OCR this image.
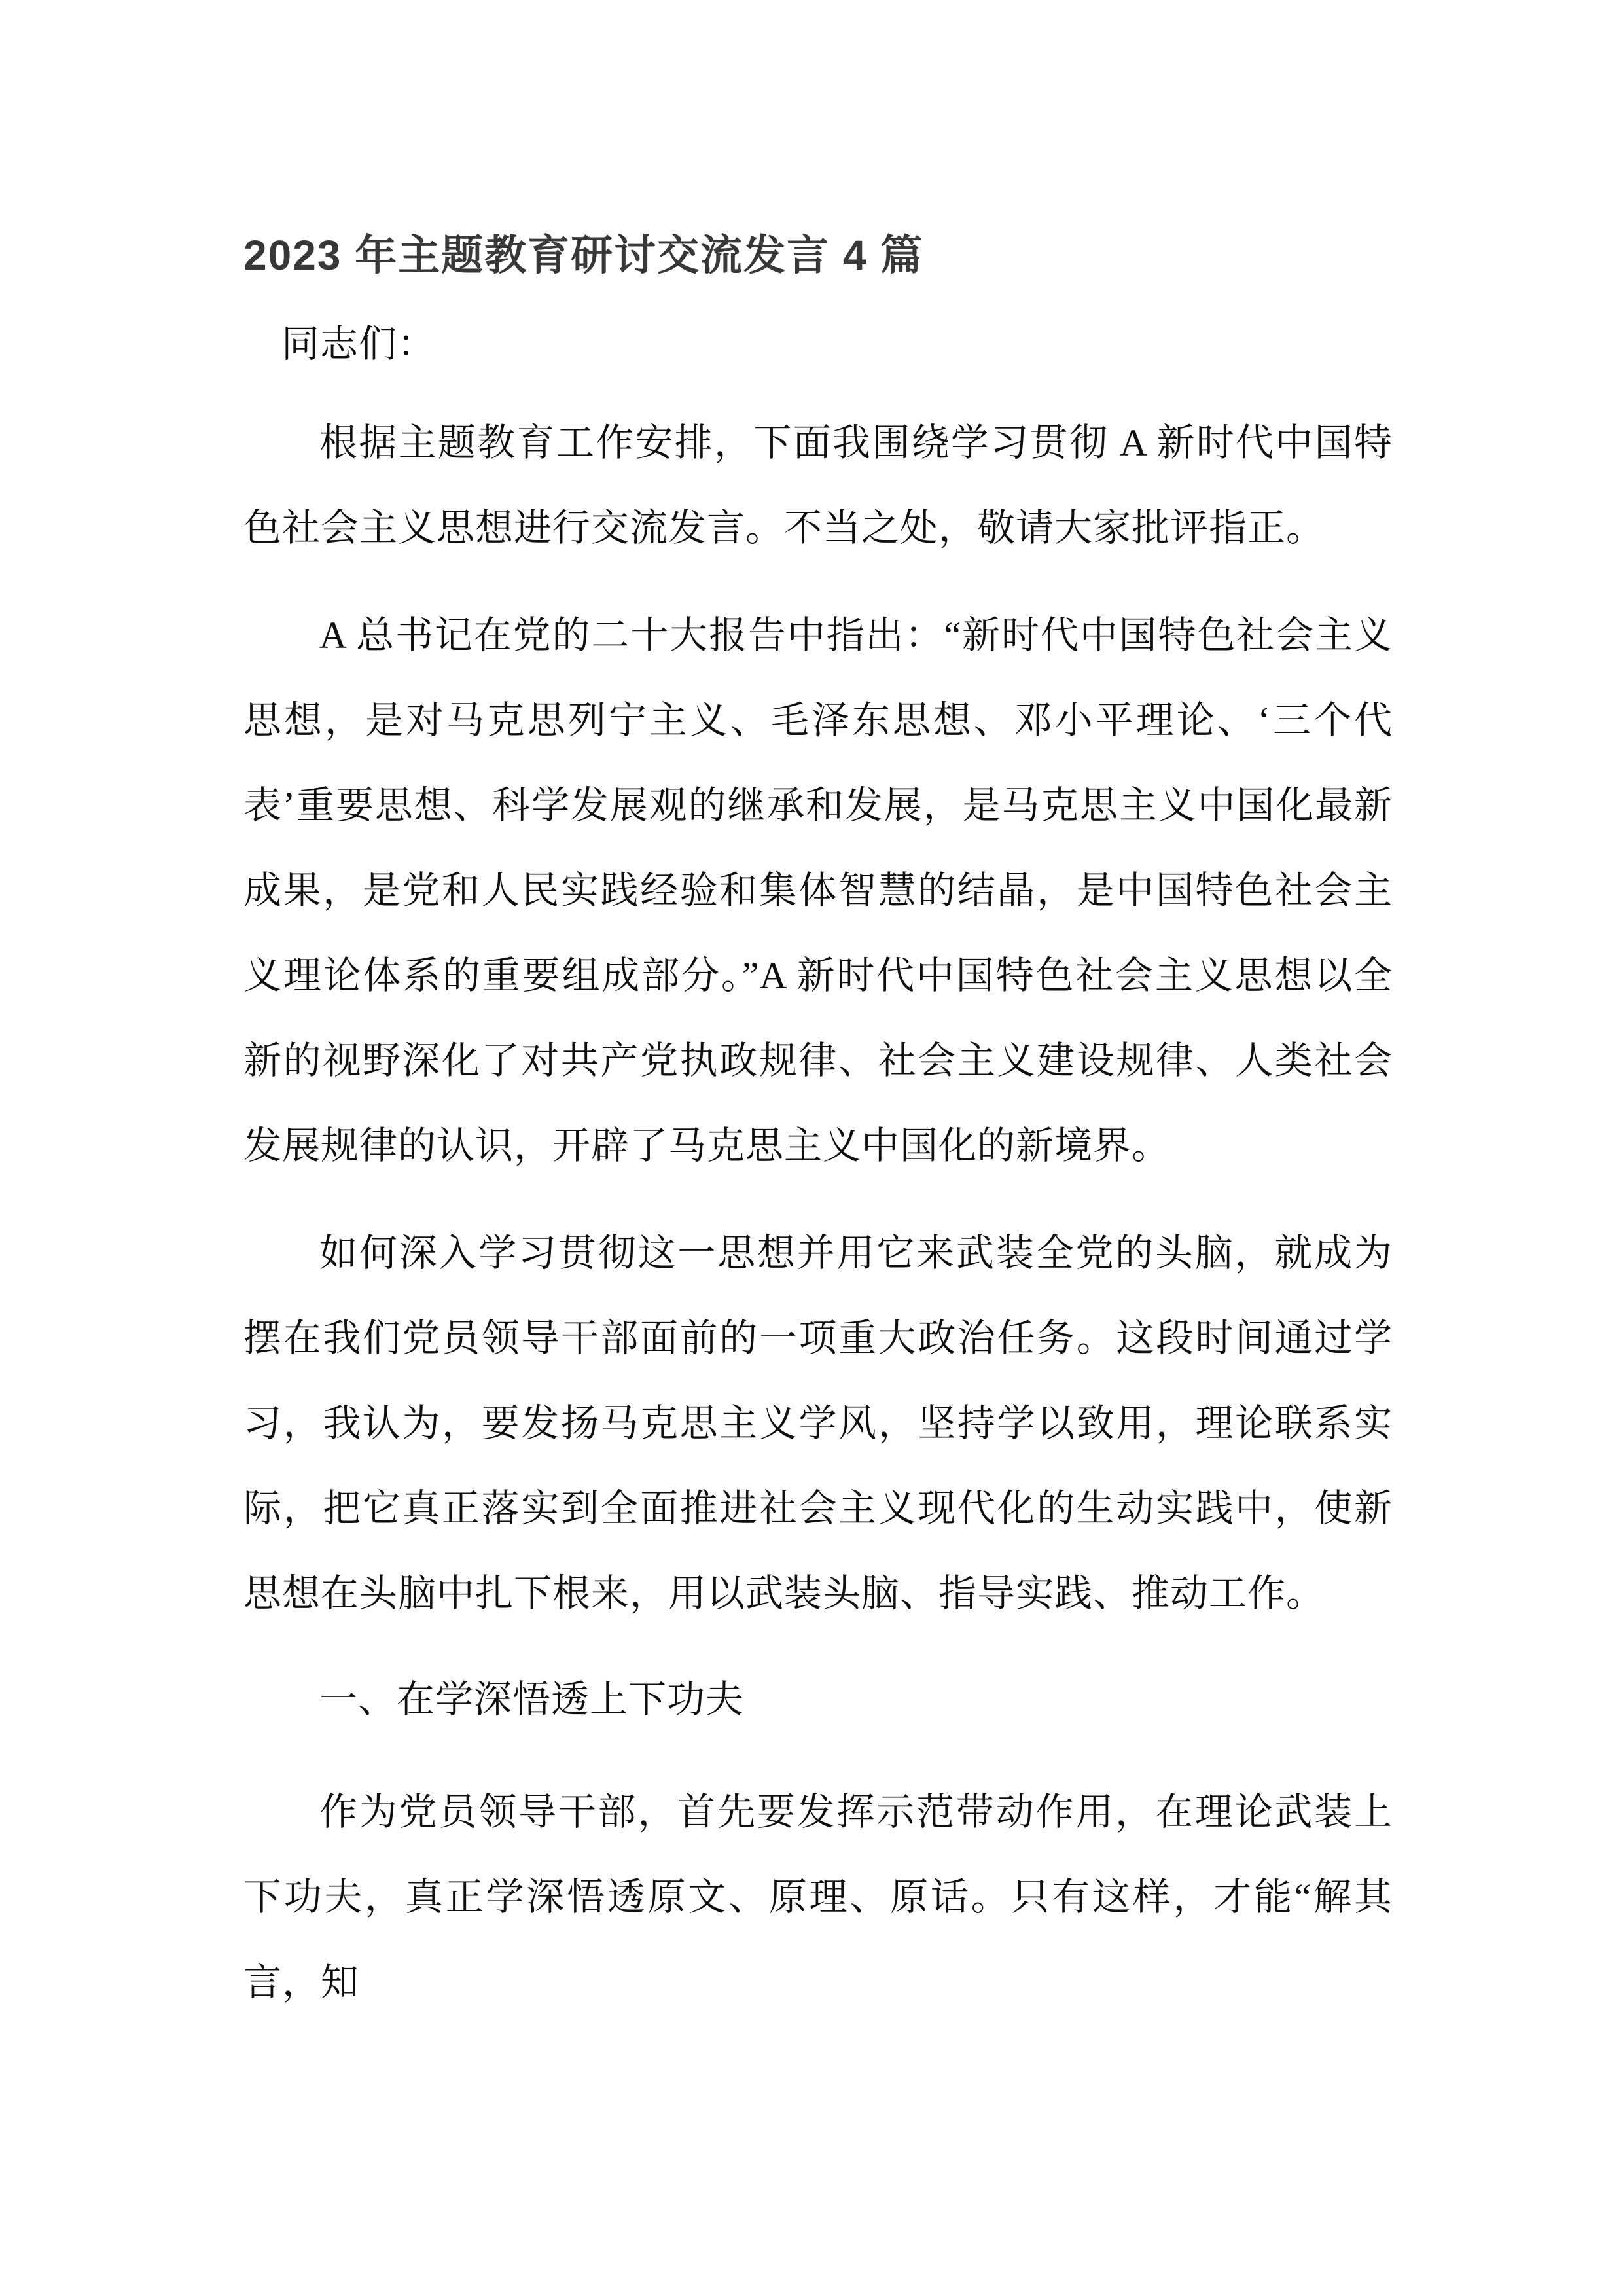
2023 年主题教育研讨交流发言 4 篇

同志们：

根据主题教育工作安排，下面我围绕学习贯彻 A 新时代中国特色社会主义思想进行交流发言。不当之处，敬请大家批评指正。

A 总书记在党的二十大报告中指出：“新时代中国特色社会主义思想，是对马克思列宁主义、毛泽东思想、邓小平理论、‘三个代表’重要思想、科学发展观的继承和发展，是马克思主义中国化最新成果，是党和人民实践经验和集体智慧的结晶，是中国特色社会主义理论体系的重要组成部分。”A 新时代中国特色社会主义思想以全新的视野深化了对共产党执政规律、社会主义建设规律、人类社会发展规律的认识，开辟了马克思主义中国化的新境界。

如何深入学习贯彻这一思想并用它来武装全党的头脑，就成为摆在我们党员领导干部面前的一项重大政治任务。这段时间通过学习，我认为，要发扬马克思主义学风，坚持学以致用，理论联系实际，把它真正落实到全面推进社会主义现代化的生动实践中，使新思想在头脑中扎下根来，用以武装头脑、指导实践、推动工作。

一、在学深悟透上下功夫

作为党员领导干部，首先要发挥示范带动作用，在理论武装上下功夫，真正学深悟透原文、原理、原话。只有这样，才能“解其言，知
